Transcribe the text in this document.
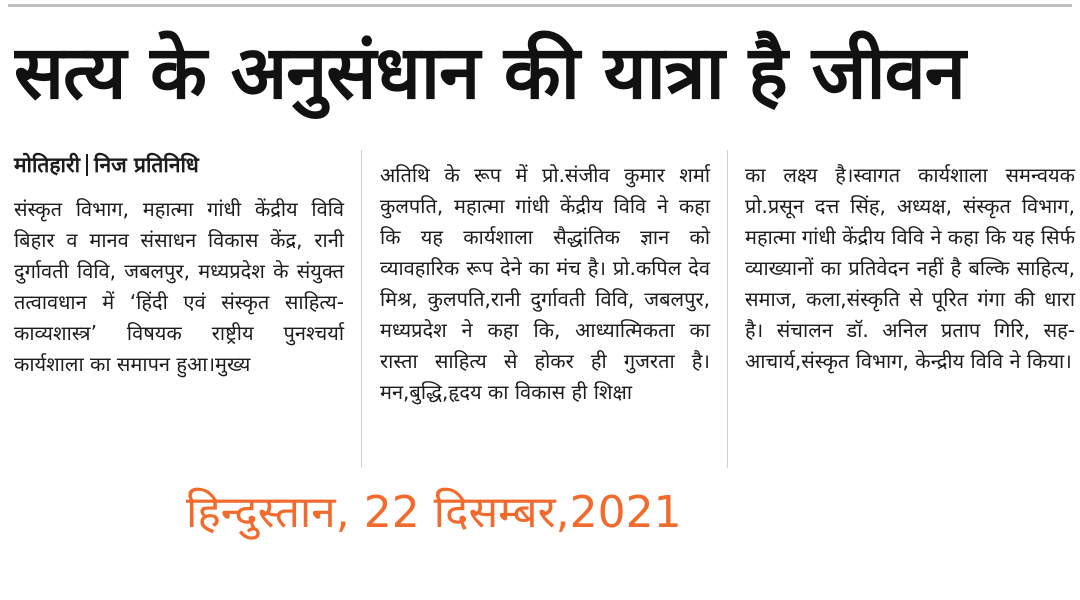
सत्य के अनुसंधान की यात्रा है जीवन
मोतिहारी निज प्रतिनिधि
संस्कृत विभाग, महात्मा गांधी केंद्रीय विवि बिहार व मानव संसाधन विकास केंद्र, रानी दुर्गावती विवि, जबलपुर, मध्यप्रदेश के संयुक्त तत्वावधान में ‘हिंदी एवं संस्कृत साहित्य- काव्यशास्त्र’ विषयक राष्ट्रीय पुनश्चर्या कार्यशाला का समापन हुआ।मुख्य
अतिथि के रूप में प्रो.संजीव कुमार शर्मा कुलपति, महात्मा गांधी केंद्रीय विवि ने कहा कि यह कार्यशाला सैद्धांतिक ज्ञान को व्यावहारिक रूप देने का मंच है। प्रो.कपिल देव मिश्र, कुलपति,रानी दुर्गावती विवि, जबलपुर, मध्यप्रदेश ने कहा कि, आध्यात्मिकता का रास्ता साहित्य से होकर ही गुजरता है। मन,बुद्धि,हृदय का विकास ही शिक्षा
का लक्ष्य है।स्वागत कार्यशाला समन्वयक प्रो.प्रसून दत्त सिंह, अध्यक्ष, संस्कृत विभाग, महात्मा गांधी केंद्रीय विवि ने कहा कि यह सिर्फ व्याख्यानों का प्रतिवेदन नहीं है बल्कि साहित्य, समाज, कला,संस्कृति से पूरित गंगा की धारा है। संचालन डॉ. अनिल प्रताप गिरि, सह-आचार्य,संस्कृत विभाग, केन्द्रीय विवि ने किया।
हिन्दुस्तान, 22 दिसम्बर,2021
